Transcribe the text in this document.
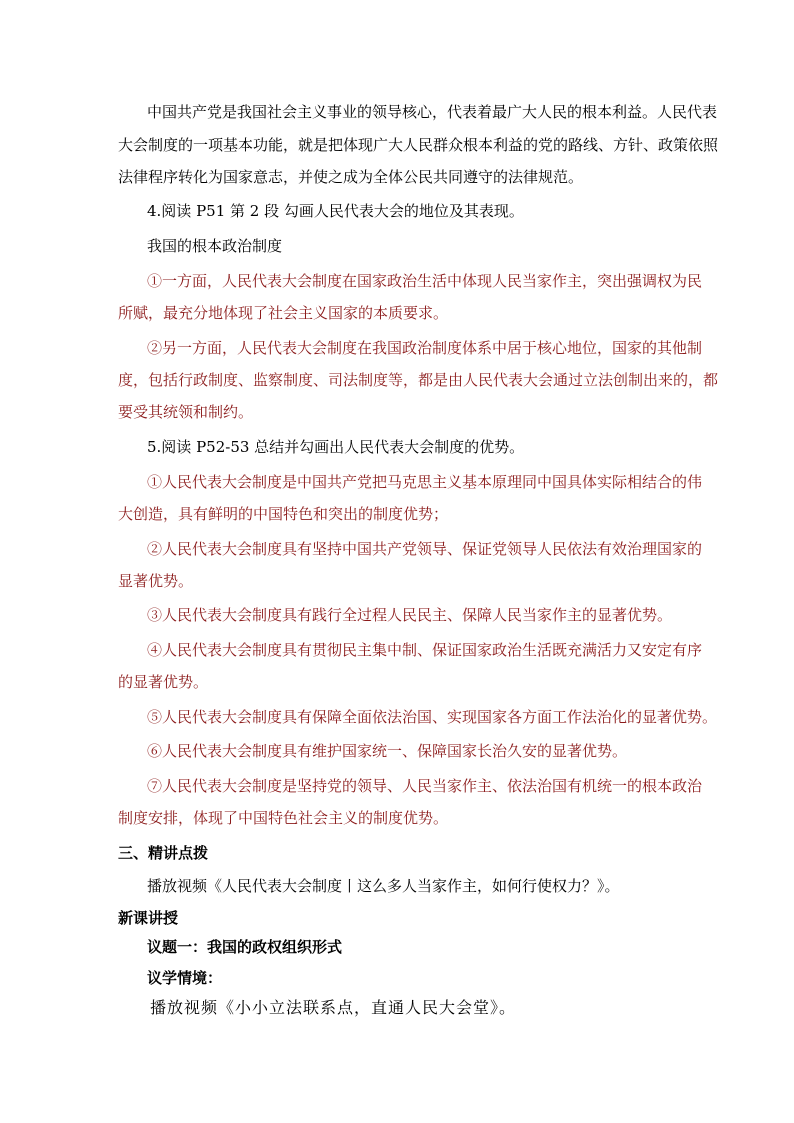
中国共产党是我国社会主义事业的领导核心，代表着最广大人民的根本利益。人民代表
大会制度的一项基本功能，就是把体现广大人民群众根本利益的党的路线、方针、政策依照
法律程序转化为国家意志，并使之成为全体公民共同遵守的法律规范。
4.阅读 P51 第 2 段 勾画人民代表大会的地位及其表现。
我国的根本政治制度
①一方面，人民代表大会制度在国家政治生活中体现人民当家作主，突出强调权为民
所赋，最充分地体现了社会主义国家的本质要求。
②另一方面，人民代表大会制度在我国政治制度体系中居于核心地位，国家的其他制
度，包括行政制度、监察制度、司法制度等，都是由人民代表大会通过立法创制出来的，都
要受其统领和制约。
5.阅读 P52-53 总结并勾画出人民代表大会制度的优势。
①人民代表大会制度是中国共产党把马克思主义基本原理同中国具体实际相结合的伟
大创造，具有鲜明的中国特色和突出的制度优势；
②人民代表大会制度具有坚持中国共产党领导、保证党领导人民依法有效治理国家的
显著优势。
③人民代表大会制度具有践行全过程人民民主、保障人民当家作主的显著优势。
④人民代表大会制度具有贯彻民主集中制、保证国家政治生活既充满活力又安定有序
的显著优势。
⑤人民代表大会制度具有保障全面依法治国、实现国家各方面工作法治化的显著优势。
⑥人民代表大会制度具有维护国家统一、保障国家长治久安的显著优势。
⑦人民代表大会制度是坚持党的领导、人民当家作主、依法治国有机统一的根本政治
制度安排，体现了中国特色社会主义的制度优势。
三、精讲点拨
播放视频《人民代表大会制度丨这么多人当家作主，如何行使权力？》。
新课讲授
议题一：我国的政权组织形式
议学情境：
播放视频《小小立法联系点，直通人民大会堂》。
